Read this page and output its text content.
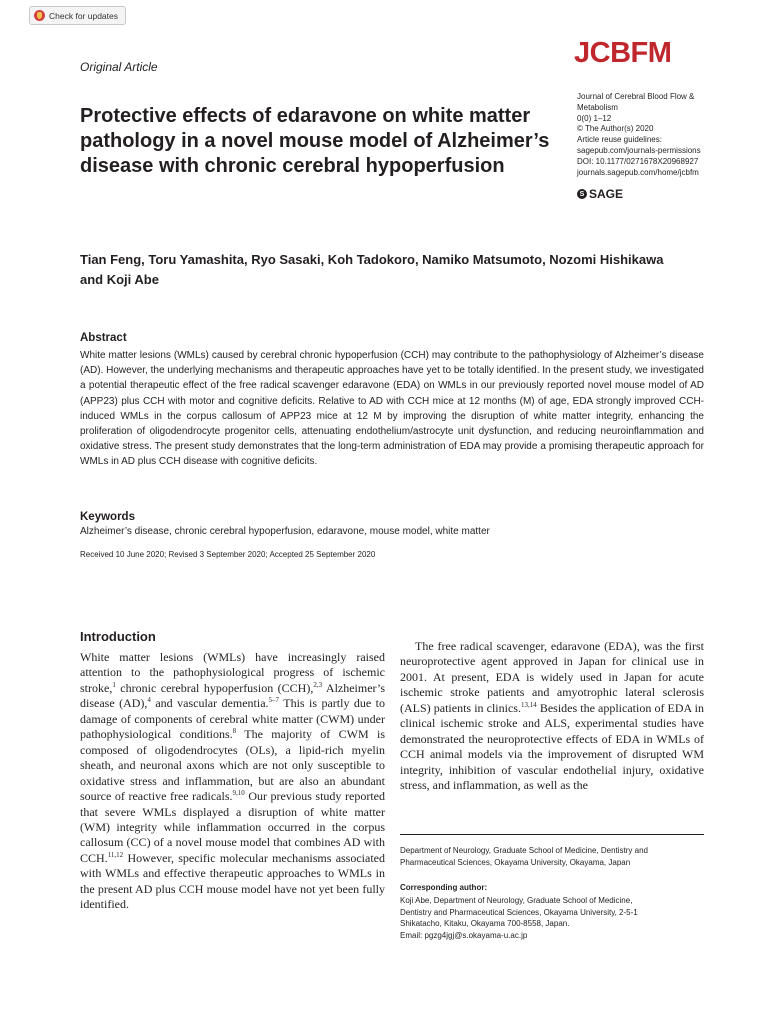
Check for updates
Original Article	JCBFM
Journal of Cerebral Blood Flow &
Metabolism
0(0) 1–12
© The Author(s) 2020
Article reuse guidelines:
sagepub.com/journals-permissions
DOI: 10.1177/0271678X20968927
journals.sagepub.com/home/jcbfm
S SAGE
Protective effects of edaravone on white matter pathology in a novel mouse model of Alzheimer’s disease with chronic cerebral hypoperfusion

Tian Feng, Toru Yamashita, Ryo Sasaki, Koh Tadokoro, Namiko Matsumoto, Nozomi Hishikawa and Koji Abe

Abstract

White matter lesions (WMLs) caused by cerebral chronic hypoperfusion (CCH) may contribute to the pathophysiology of Alzheimer’s disease (AD). However, the underlying mechanisms and therapeutic approaches have yet to be totally identified. In the present study, we investigated a potential therapeutic effect of the free radical scavenger edaravone (EDA) on WMLs in our previously reported novel mouse model of AD (APP23) plus CCH with motor and cognitive deficits. Relative to AD with CCH mice at 12 months (M) of age, EDA strongly improved CCH-induced WMLs in the corpus callosum of APP23 mice at 12 M by improving the disruption of white matter integrity, enhancing the proliferation of oligodendrocyte progenitor cells, attenuating endothelium/astrocyte unit dysfunction, and reducing neuroinflammation and oxidative stress. The present study demonstrates that the long-term administration of EDA may provide a promising therapeutic approach for WMLs in AD plus CCH disease with cognitive deficits.

Keywords
Alzheimer’s disease, chronic cerebral hypoperfusion, edaravone, mouse model, white matter
Received 10 June 2020; Revised 3 September 2020; Accepted 25 September 2020
Introduction

White matter lesions (WMLs) have increasingly raised attention to the pathophysiological progress of ischemic stroke,$^1$ chronic cerebral hypoperfusion (CCH),$^{2,3}$ Alzheimer’s disease (AD),$^4$ and vascular dementia.$^{5-7}$ This is partly due to damage of components of cerebral white matter (CWM) under pathophysiological conditions.$^8$ The majority of CWM is composed of oligodendrocytes (OLs), a lipid-rich myelin sheath, and neuronal axons which are not only susceptible to oxidative stress and inflammation, but are also an abundant source of reactive free radicals.$^{9,10}$ Our previous study reported that severe WMLs displayed a disruption of white matter (WM) integrity while inflammation occurred in the corpus callosum (CC) of a novel mouse model that combines AD with CCH.$^{11,12}$ However, specific molecular mechanisms associated with WMLs and effective therapeutic approaches to WMLs in the present AD plus CCH mouse model have not yet been fully identified.

The free radical scavenger, edaravone (EDA), was the first neuroprotective agent approved in Japan for clinical use in 2001. At present, EDA is widely used in Japan for acute ischemic stroke patients and amyotrophic lateral sclerosis (ALS) patients in clinics.$^{13,14}$ Besides the application of EDA in clinical ischemic stroke and ALS, experimental studies have demonstrated the neuroprotective effects of EDA in WMLs of CCH animal models via the improvement of disrupted WM integrity, inhibition of vascular endothelial injury, oxidative stress, and inflammation, as well as the

Department of Neurology, Graduate School of Medicine, Dentistry and Pharmaceutical Sciences, Okayama University, Okayama, Japan

Corresponding author:
Koji Abe, Department of Neurology, Graduate School of Medicine,
Dentistry and Pharmaceutical Sciences, Okayama University, 2-5-1
Shikatacho, Kitaku, Okayama 700-8558, Japan.
Email: pgzg4jgj@s.okayama-u.ac.jp
